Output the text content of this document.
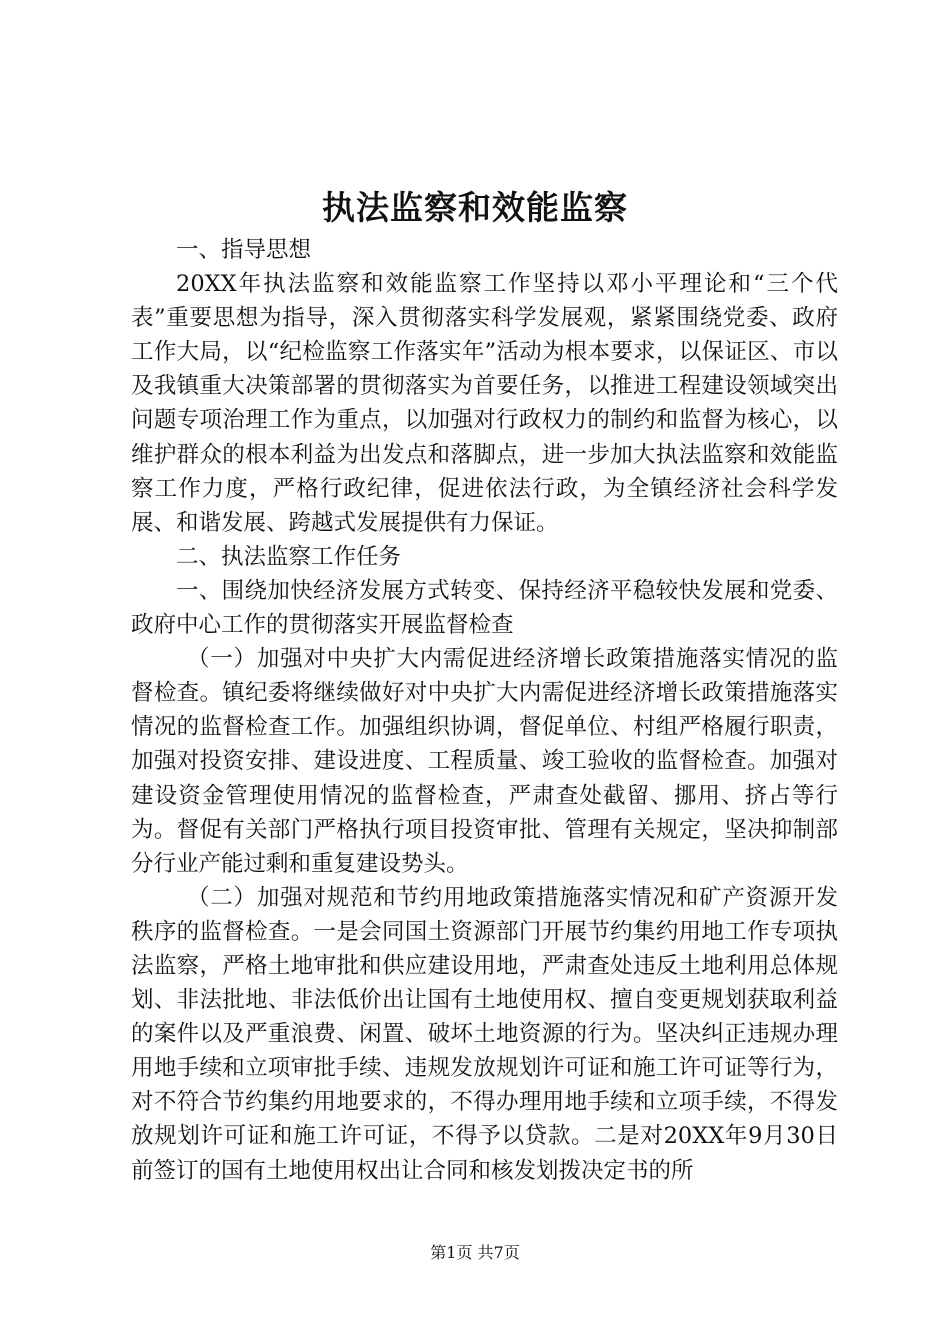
执法监察和效能监察

一、指导思想

20XX年执法监察和效能监察工作坚持以邓小平理论和“三个代表”重要思想为指导，深入贯彻落实科学发展观，紧紧围绕党委、政府工作大局，以“纪检监察工作落实年”活动为根本要求，以保证区、市以及我镇重大决策部署的贯彻落实为首要任务，以推进工程建设领域突出问题专项治理工作为重点，以加强对行政权力的制约和监督为核心，以维护群众的根本利益为出发点和落脚点，进一步加大执法监察和效能监察工作力度，严格行政纪律，促进依法行政，为全镇经济社会科学发展、和谐发展、跨越式发展提供有力保证。

二、执法监察工作任务

一、围绕加快经济发展方式转变、保持经济平稳较快发展和党委、政府中心工作的贯彻落实开展监督检查

（一）加强对中央扩大内需促进经济增长政策措施落实情况的监督检查。镇纪委将继续做好对中央扩大内需促进经济增长政策措施落实情况的监督检查工作。加强组织协调，督促单位、村组严格履行职责，加强对投资安排、建设进度、工程质量、竣工验收的监督检查。加强对建设资金管理使用情况的监督检查，严肃查处截留、挪用、挤占等行为。督促有关部门严格执行项目投资审批、管理有关规定，坚决抑制部分行业产能过剩和重复建设势头。

（二）加强对规范和节约用地政策措施落实情况和矿产资源开发秩序的监督检查。一是会同国土资源部门开展节约集约用地工作专项执法监察，严格土地审批和供应建设用地，严肃查处违反土地利用总体规划、非法批地、非法低价出让国有土地使用权、擅自变更规划获取利益的案件以及严重浪费、闲置、破坏土地资源的行为。坚决纠正违规办理用地手续和立项审批手续、违规发放规划许可证和施工许可证等行为，对不符合节约集约用地要求的，不得办理用地手续和立项手续，不得发放规划许可证和施工许可证，不得予以贷款。二是对20XX年9月30日前签订的国有土地使用权出让合同和核发划拨决定书的所

第1页 共7页
